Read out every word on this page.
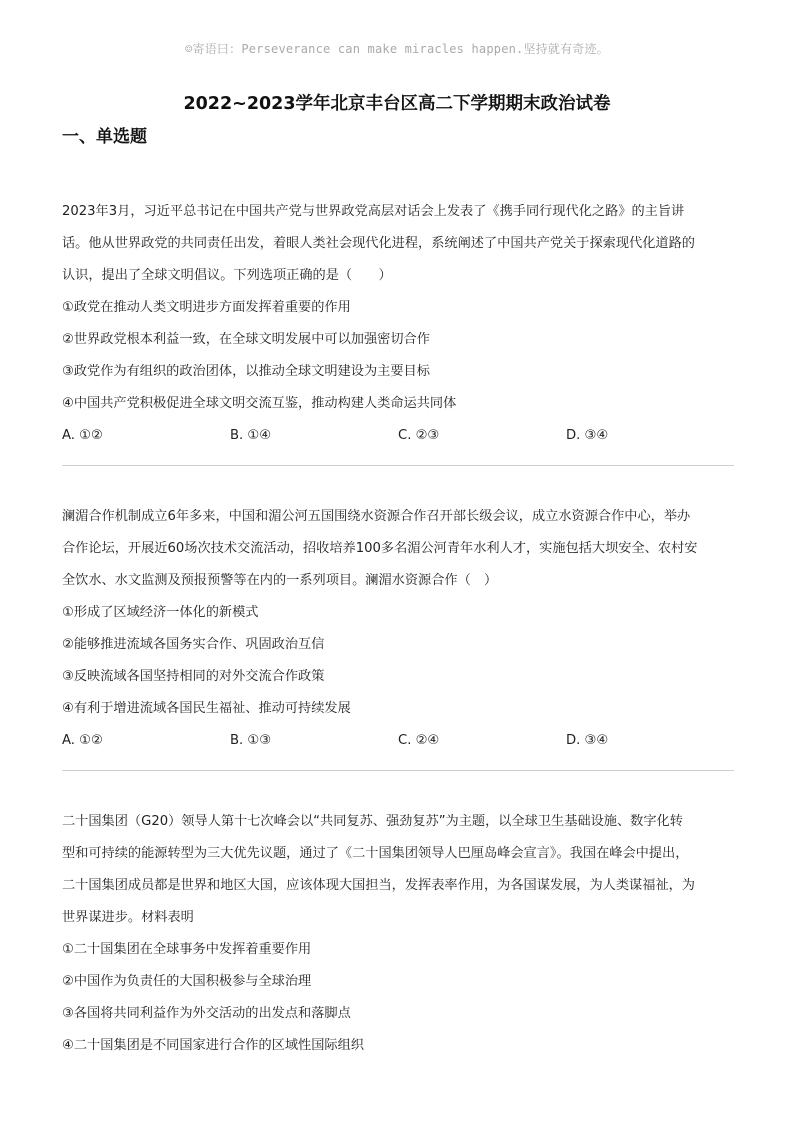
☺寄语曰：Perseverance can make miracles happen.坚持就有奇迹。
2022~2023学年北京丰台区高二下学期期末政治试卷
一、单选题
2023年3月，习近平总书记在中国共产党与世界政党高层对话会上发表了《携手同行现代化之路》的主旨讲
话。他从世界政党的共同责任出发，着眼人类社会现代化进程，系统阐述了中国共产党关于探索现代化道路的
认识，提出了全球文明倡议。下列选项正确的是（　　）
①政党在推动人类文明进步方面发挥着重要的作用
②世界政党根本利益一致，在全球文明发展中可以加强密切合作
③政党作为有组织的政治团体，以推动全球文明建设为主要目标
④中国共产党积极促进全球文明交流互鉴，推动构建人类命运共同体
A. ①②	B. ①④	C. ②③	D. ③④
澜湄合作机制成立6年多来，中国和湄公河五国围绕水资源合作召开部长级会议，成立水资源合作中心，举办
合作论坛，开展近60场次技术交流活动，招收培养100多名湄公河青年水利人才，实施包括大坝安全、农村安
全饮水、水文监测及预报预警等在内的一系列项目。澜湄水资源合作（　）
①形成了区域经济一体化的新模式
②能够推进流域各国务实合作、巩固政治互信
③反映流域各国坚持相同的对外交流合作政策
④有利于增进流域各国民生福祉、推动可持续发展
A. ①②	B. ①③	C. ②④	D. ③④
二十国集团（G20）领导人第十七次峰会以“共同复苏、强劲复苏”为主题，以全球卫生基础设施、数字化转
型和可持续的能源转型为三大优先议题，通过了《二十国集团领导人巴厘岛峰会宣言》。我国在峰会中提出，
二十国集团成员都是世界和地区大国，应该体现大国担当，发挥表率作用，为各国谋发展，为人类谋福祉，为
世界谋进步。材料表明
①二十国集团在全球事务中发挥着重要作用
②中国作为负责任的大国积极参与全球治理
③各国将共同利益作为外交活动的出发点和落脚点
④二十国集团是不同国家进行合作的区域性国际组织
